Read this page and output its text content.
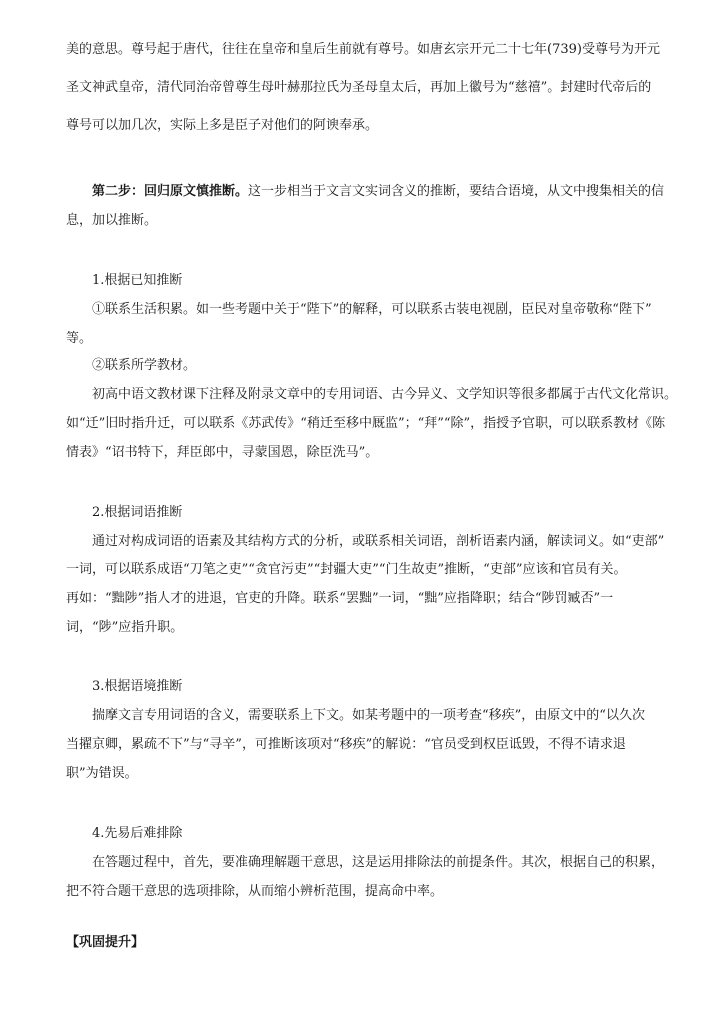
美的意思。尊号起于唐代，往往在皇帝和皇后生前就有尊号。如唐玄宗开元二十七年(739)受尊号为开元
圣文神武皇帝，清代同治帝曾尊生母叶赫那拉氏为圣母皇太后，再加上徽号为“慈禧”。封建时代帝后的
尊号可以加几次，实际上多是臣子对他们的阿谀奉承。
第二步：回归原文慎推断。这一步相当于文言文实词含义的推断，要结合语境，从文中搜集相关的信
息，加以推断。
1.根据已知推断
①联系生活积累。如一些考题中关于“陛下”的解释，可以联系古装电视剧，臣民对皇帝敬称“陛下”
等。
②联系所学教材。
初高中语文教材课下注释及附录文章中的专用词语、古今异义、文学知识等很多都属于古代文化常识。
如“迁”旧时指升迁，可以联系《苏武传》“稍迁至移中厩监”；“拜”“除”，指授予官职，可以联系教材《陈
情表》“诏书特下，拜臣郎中，寻蒙国恩，除臣洗马”。
2.根据词语推断
通过对构成词语的语素及其结构方式的分析，或联系相关词语，剖析语素内涵，解读词义。如“吏部”
一词，可以联系成语“刀笔之吏”“贪官污吏”“封疆大吏”“门生故吏”推断，“吏部”应该和官员有关。
再如：“黜陟”指人才的进退，官吏的升降。联系“罢黜”一词，“黜”应指降职；结合“陟罚臧否”一
词，“陟”应指升职。
3.根据语境推断
揣摩文言专用词语的含义，需要联系上下文。如某考题中的一项考查“移疾”，由原文中的“以久次
当擢京卿，累疏不下”与“寻辛”，可推断该项对“移疾”的解说：“官员受到权臣诋毁，不得不请求退
职”为错误。
4.先易后难排除
在答题过程中，首先，要准确理解题干意思，这是运用排除法的前提条件。其次，根据自己的积累，
把不符合题干意思的选项排除，从而缩小辨析范围，提高命中率。
【巩固提升】
